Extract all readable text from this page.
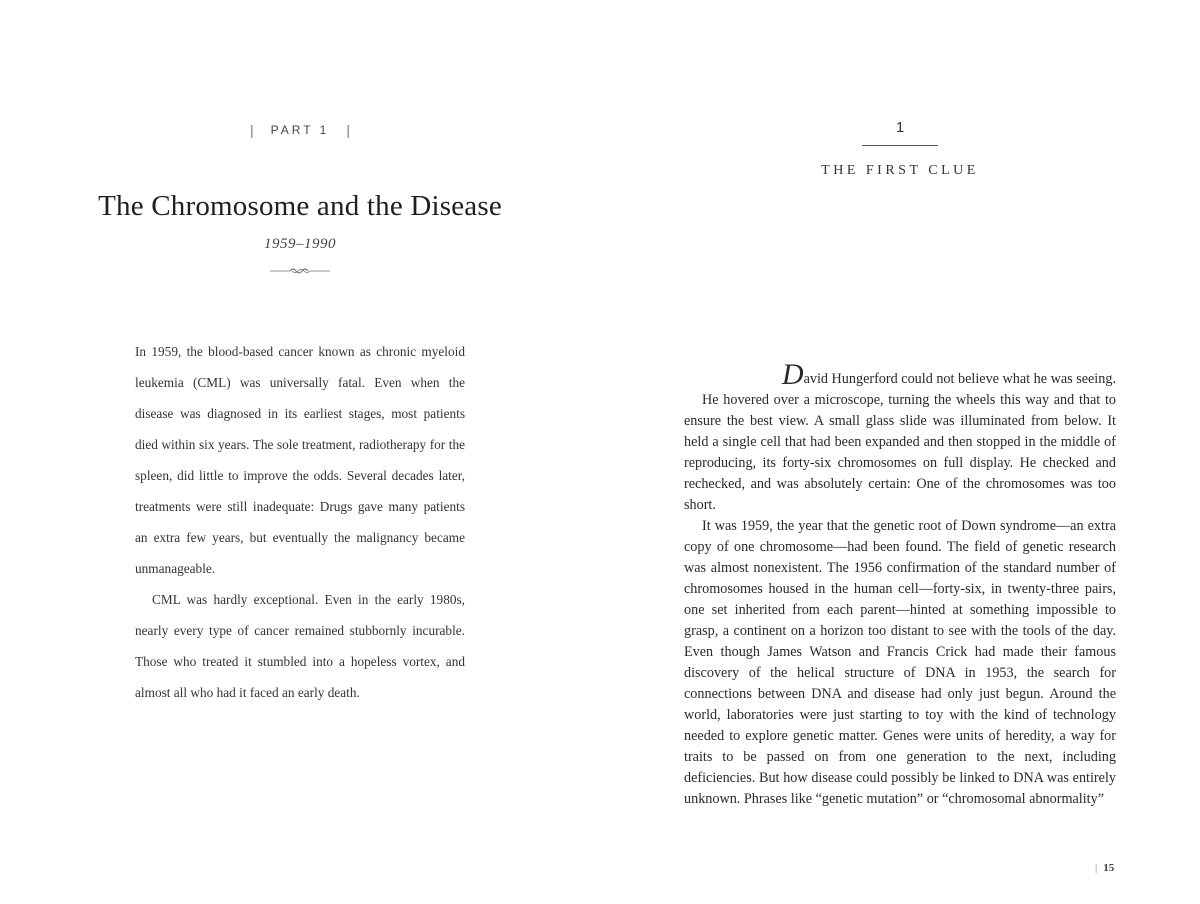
| PART 1 |
The Chromosome and the Disease
1959–1990

In 1959, the blood-based cancer known as chronic myeloid leukemia (CML) was universally fatal. Even when the disease was diagnosed in its earliest stages, most patients died within six years. The sole treatment, radiotherapy for the spleen, did little to improve the odds. Several decades later, treatments were still inadequate: Drugs gave many patients an extra few years, but eventually the malignancy became unmanageable.

CML was hardly exceptional. Even in the early 1980s, nearly every type of cancer remained stubbornly incurable. Those who treated it stumbled into a hopeless vortex, and almost all who had it faced an early death.

1
THE FIRST CLUE

David Hungerford could not believe what he was seeing.

He hovered over a microscope, turning the wheels this way and that to ensure the best view. A small glass slide was illuminated from below. It held a single cell that had been expanded and then stopped in the middle of reproducing, its forty-six chromosomes on full display. He checked and rechecked, and was absolutely certain: One of the chromosomes was too short.

It was 1959, the year that the genetic root of Down syndrome—an extra copy of one chromosome—had been found. The field of genetic research was almost nonexistent. The 1956 confirmation of the standard number of chromosomes housed in the human cell—forty-six, in twenty-three pairs, one set inherited from each parent—hinted at something impossible to grasp, a continent on a horizon too distant to see with the tools of the day. Even though James Watson and Francis Crick had made their famous discovery of the helical structure of DNA in 1953, the search for connections between DNA and disease had only just begun. Around the world, laboratories were just starting to toy with the kind of technology needed to explore genetic matter. Genes were units of heredity, a way for traits to be passed on from one generation to the next, including deficiencies. But how disease could possibly be linked to DNA was entirely unknown. Phrases like “genetic mutation” or “chromosomal abnormality”

| 15
